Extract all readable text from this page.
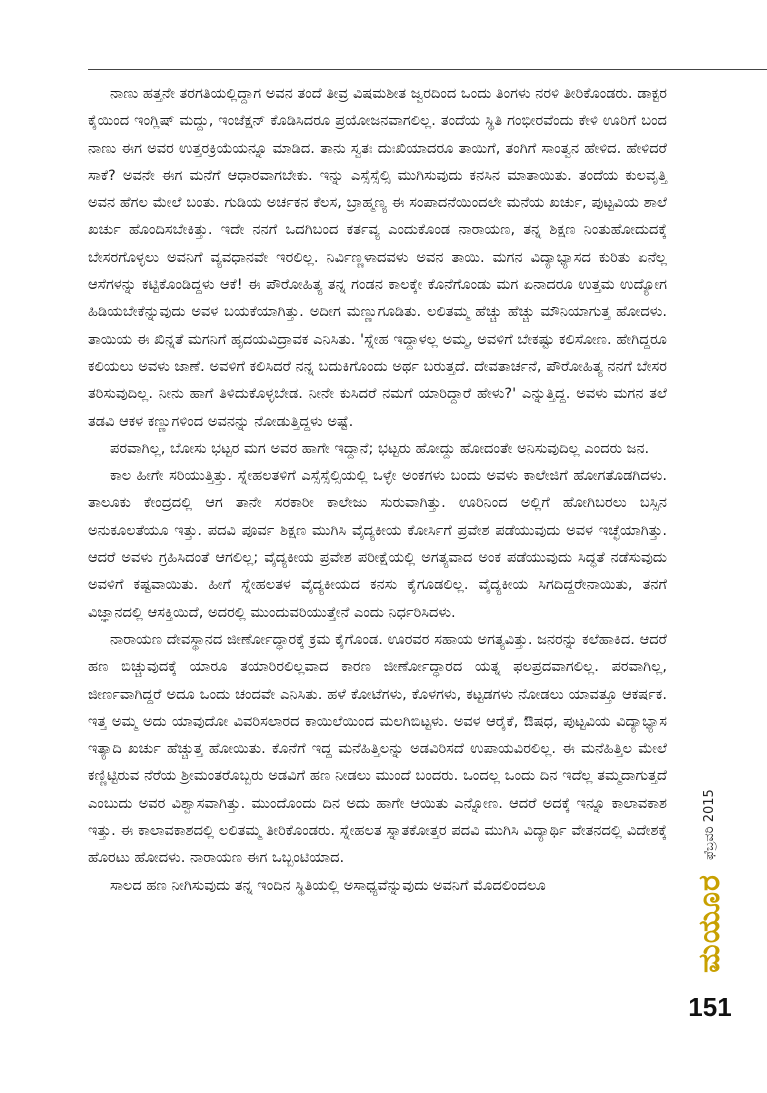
ನಾಣು ಹತ್ತನೇ ತರಗತಿಯಲ್ಲಿದ್ದಾಗ ಅವನ ತಂದೆ ತೀವ್ರ ವಿಷಮಶೀತ ಜ್ವರದಿಂದ ಒಂದು ತಿಂಗಳು ನರಳಿ ತೀರಿಕೊಂಡರು. ಡಾಕ್ಟರ ಕೈಯಿಂದ ಇಂಗ್ಲಿಷ್ ಮದ್ದು, ಇಂಜೆಕ್ಷನ್ ಕೊಡಿಸಿದರೂ ಪ್ರಯೋಜನವಾಗಲಿಲ್ಲ. ತಂದೆಯ ಸ್ಥಿತಿ ಗಂಭೀರವೆಂದು ಕೇಳಿ ಊರಿಗೆ ಬಂದ ನಾಣು ಈಗ ಅವರ ಉತ್ತರಕ್ರಿಯೆಯನ್ನೂ ಮಾಡಿದ. ತಾನು ಸ್ವತಃ ದುಃಖಿಯಾದರೂ ತಾಯಿಗೆ, ತಂಗಿಗೆ ಸಾಂತ್ವನ ಹೇಳಿದ. ಹೇಳಿದರೆ ಸಾಕೆ? ಅವನೇ ಈಗ ಮನೆಗೆ ಆಧಾರವಾಗಬೇಕು. ಇನ್ನು ಎಸ್ಸೆಸ್ಸೆಲ್ಸಿ ಮುಗಿಸುವುದು ಕನಸಿನ ಮಾತಾಯಿತು. ತಂದೆಯ ಕುಲವೃತ್ತಿ ಅವನ ಹೆಗಲ ಮೇಲೆ ಬಂತು. ಗುಡಿಯ ಅರ್ಚಕನ ಕೆಲಸ, ಬ್ರಾಹ್ಮಣ್ಯ ಈ ಸಂಪಾದನೆಯಿಂದಲೇ ಮನೆಯ ಖರ್ಚು, ಪುಟ್ಟವಿಯ ಶಾಲೆ ಖರ್ಚು ಹೊಂದಿಸಬೇಕಿತ್ತು. ಇದೇ ನನಗೆ ಒದಗಿಬಂದ ಕರ್ತವ್ಯ ಎಂದುಕೊಂಡ ನಾರಾಯಣ, ತನ್ನ ಶಿಕ್ಷಣ ನಿಂತುಹೋದುದಕ್ಕೆ ಬೇಸರಗೊಳ್ಳಲು ಅವನಿಗೆ ವ್ಯವಧಾನವೇ ಇರಲಿಲ್ಲ. ನಿರ್ವಿಣ್ಣಳಾದವಳು ಅವನ ತಾಯಿ. ಮಗನ ವಿದ್ಯಾಭ್ಯಾಸದ ಕುರಿತು ಏನೆಲ್ಲ ಆಸೆಗಳನ್ನು ಕಟ್ಟಿಕೊಂಡಿದ್ದಳು ಆಕೆ! ಈ ಪೌರೋಹಿತ್ಯ ತನ್ನ ಗಂಡನ ಕಾಲಕ್ಕೇ ಕೊನೆಗೊಂಡು ಮಗ ಏನಾದರೂ ಉತ್ತಮ ಉದ್ಯೋಗ ಹಿಡಿಯಬೇಕೆನ್ನುವುದು ಅವಳ ಬಯಕೆಯಾಗಿತ್ತು. ಅದೀಗ ಮಣ್ಣುಗೂಡಿತು. ಲಲಿತಮ್ಮ ಹೆಚ್ಚು ಹೆಚ್ಚು ಮೌನಿಯಾಗುತ್ತ ಹೋದಳು. ತಾಯಿಯ ಈ ಖಿನ್ನತೆ ಮಗನಿಗೆ ಹೃದಯವಿದ್ರಾವಕ ಎನಿಸಿತು. 'ಸ್ನೇಹ ಇದ್ದಾಳಲ್ಲ ಅಮ್ಮ, ಅವಳಿಗೆ ಬೇಕಷ್ಟು ಕಲಿಸೋಣ. ಹೇಗಿದ್ದರೂ ಕಲಿಯಲು ಅವಳು ಜಾಣೆ. ಅವಳಿಗೆ ಕಲಿಸಿದರೆ ನನ್ನ ಬದುಕಿಗೊಂದು ಅರ್ಥ ಬರುತ್ತದೆ. ದೇವತಾರ್ಚನೆ, ಪೌರೋಹಿತ್ಯ ನನಗೆ ಬೇಸರ ತರಿಸುವುದಿಲ್ಲ. ನೀನು ಹಾಗೆ ತಿಳಿದುಕೊಳ್ಳಬೇಡ. ನೀನೇ ಕುಸಿದರೆ ನಮಗೆ ಯಾರಿದ್ದಾರೆ ಹೇಳು?' ಎನ್ನುತ್ತಿದ್ದ. ಅವಳು ಮಗನ ತಲೆ ತಡವಿ ಆಕಳ ಕಣ್ಣುಗಳಿಂದ ಅವನನ್ನು ನೋಡುತ್ತಿದ್ದಳು ಅಷ್ಟೆ.

ಪರವಾಗಿಲ್ಲ, ಬೋಸು ಭಟ್ಟರ ಮಗ ಅವರ ಹಾಗೇ ಇದ್ದಾನೆ; ಭಟ್ಟರು ಹೋದ್ದು ಹೋದಂತೇ ಅನಿಸುವುದಿಲ್ಲ ಎಂದರು ಜನ.

ಕಾಲ ಹೀಗೇ ಸರಿಯುತ್ತಿತ್ತು. ಸ್ನೇಹಲತಳಿಗೆ ಎಸ್ಸೆಸ್ಸೆಲ್ಸಿಯಲ್ಲಿ ಒಳ್ಳೇ ಅಂಕಗಳು ಬಂದು ಅವಳು ಕಾಲೇಜಿಗೆ ಹೋಗತೊಡಗಿದಳು. ತಾಲೂಕು ಕೇಂದ್ರದಲ್ಲಿ ಆಗ ತಾನೇ ಸರಕಾರೀ ಕಾಲೇಜು ಸುರುವಾಗಿತ್ತು. ಊರಿನಿಂದ ಅಲ್ಲಿಗೆ ಹೋಗಿಬರಲು ಬಸ್ಸಿನ ಅನುಕೂಲತೆಯೂ ಇತ್ತು. ಪದವಿ ಪೂರ್ವ ಶಿಕ್ಷಣ ಮುಗಿಸಿ ವೈದ್ಯಕೀಯ ಕೋರ್ಸಿಗೆ ಪ್ರವೇಶ ಪಡೆಯುವುದು ಅವಳ ಇಚ್ಛೆಯಾಗಿತ್ತು. ಆದರೆ ಅವಳು ಗ್ರಹಿಸಿದಂತೆ ಆಗಲಿಲ್ಲ; ವೈದ್ಯಕೀಯ ಪ್ರವೇಶ ಪರೀಕ್ಷೆಯಲ್ಲಿ ಅಗತ್ಯವಾದ ಅಂಕ ಪಡೆಯುವುದು ಸಿದ್ಧತೆ ನಡೆಸುವುದು ಅವಳಿಗೆ ಕಷ್ಟವಾಯಿತು. ಹೀಗೆ ಸ್ನೇಹಲತಳ ವೈದ್ಯಕೀಯದ ಕನಸು ಕೈಗೂಡಲಿಲ್ಲ. ವೈದ್ಯಕೀಯ ಸಿಗದಿದ್ದರೇನಾಯಿತು, ತನಗೆ ವಿಜ್ಞಾನದಲ್ಲಿ ಆಸಕ್ತಿಯಿದೆ, ಅದರಲ್ಲಿ ಮುಂದುವರಿಯುತ್ತೇನೆ ಎಂದು ನಿರ್ಧರಿಸಿದಳು.

ನಾರಾಯಣ ದೇವಸ್ಥಾನದ ಜೀರ್ಣೋದ್ಧಾರಕ್ಕೆ ಕ್ರಮ ಕೈಗೊಂಡ. ಊರವರ ಸಹಾಯ ಅಗತ್ಯವಿತ್ತು. ಜನರನ್ನು ಕಲೆಹಾಕಿದ. ಆದರೆ ಹಣ ಬಿಚ್ಚುವುದಕ್ಕೆ ಯಾರೂ ತಯಾರಿರಲಿಲ್ಲವಾದ ಕಾರಣ ಜೀರ್ಣೋದ್ಧಾರದ ಯತ್ನ ಫಲಪ್ರದವಾಗಲಿಲ್ಲ. ಪರವಾಗಿಲ್ಲ, ಜೀರ್ಣವಾಗಿದ್ದರೆ ಅದೂ ಒಂದು ಚಂದವೇ ಎನಿಸಿತು. ಹಳೆ ಕೋಟೆಗಳು, ಕೊಳಗಳು, ಕಟ್ಟಡಗಳು ನೋಡಲು ಯಾವತ್ತೂ ಆಕರ್ಷಕ. ಇತ್ತ ಅಮ್ಮ ಅದು ಯಾವುದೋ ವಿವರಿಸಲಾರದ ಕಾಯಿಲೆಯಿಂದ ಮಲಗಿಬಿಟ್ಟಳು. ಅವಳ ಆರೈಕೆ, ಔಷಧ, ಪುಟ್ಟವಿಯ ವಿದ್ಯಾಭ್ಯಾಸ ಇತ್ಯಾದಿ ಖರ್ಚು ಹೆಚ್ಚುತ್ತ ಹೋಯಿತು. ಕೊನೆಗೆ ಇದ್ದ ಮನೆಹಿತ್ತಿಲನ್ನು ಅಡವಿರಿಸದೆ ಉಪಾಯವಿರಲಿಲ್ಲ. ಈ ಮನೆಹಿತ್ತಿಲ ಮೇಲೆ ಕಣ್ಣಿಟ್ಟಿರುವ ನೆರೆಯ ಶ್ರೀಮಂತರೊಬ್ಬರು ಅಡವಿಗೆ ಹಣ ನೀಡಲು ಮುಂದೆ ಬಂದರು. ಒಂದಲ್ಲ ಒಂದು ದಿನ ಇದೆಲ್ಲ ತಮ್ಮದಾಗುತ್ತದೆ ಎಂಬುದು ಅವರ ವಿಶ್ವಾಸವಾಗಿತ್ತು. ಮುಂದೊಂದು ದಿನ ಅದು ಹಾಗೇ ಆಯಿತು ಎನ್ನೋಣ. ಆದರೆ ಅದಕ್ಕೆ ಇನ್ನೂ ಕಾಲಾವಕಾಶ ಇತ್ತು. ಈ ಕಾಲಾವಕಾಶದಲ್ಲಿ ಲಲಿತಮ್ಮ ತೀರಿಕೊಂಡರು. ಸ್ನೇಹಲತ ಸ್ನಾತಕೋತ್ತರ ಪದವಿ ಮುಗಿಸಿ ವಿದ್ಯಾರ್ಥಿ ವೇತನದಲ್ಲಿ ವಿದೇಶಕ್ಕೆ ಹೊರಟು ಹೋದಳು. ನಾರಾಯಣ ಈಗ ಒಬ್ಬಂಟಿಯಾದ.

ಸಾಲದ ಹಣ ನೀಗಿಸುವುದು ತನ್ನ ಇಂದಿನ ಸ್ಥಿತಿಯಲ್ಲಿ ಅಸಾಧ್ಯವೆನ್ನುವುದು ಅವನಿಗೆ ಮೊದಲಿಂದಲೂ

ಫೆಬ್ರವರಿ 2015
ಮಯೂರ
151
